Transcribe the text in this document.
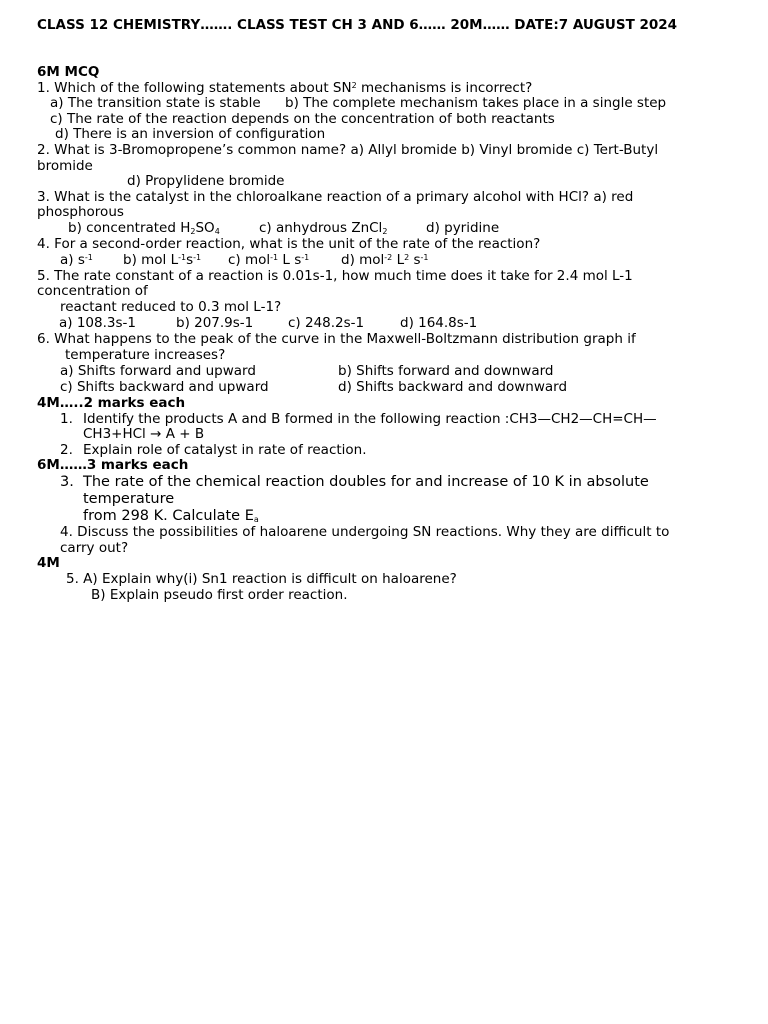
CLASS 12 CHEMISTRY……. CLASS TEST CH 3 AND 6…… 20M…… DATE:7 AUGUST 2024
6M MCQ
1. Which of the following statements about $SN^2$ mechanisms is incorrect?
a) The transition state is stable b) The complete mechanism takes place in a single step
c) The rate of the reaction depends on the concentration of both reactants
d) There is an inversion of configuration
2. What is 3-Bromopropene’s common name? a) Allyl bromide b) Vinyl bromide c) Tert-Butyl
bromide
d) Propylidene bromide
3. What is the catalyst in the chloroalkane reaction of a primary alcohol with HCl? a) red
phosphorous
b) concentrated $H_2SO_4$	c) anhydrous ZnCl$_2$	d) pyridine
4. For a second-order reaction, what is the unit of the rate of the reaction?
a) $s^{-1}$ b) mol $L^{-1}s^{-1}$ c) mol$^{-1}$ L $s^{-1}$ d) mol$^{-2}$ $L^2$ $s^{-1}$
5. The rate constant of a reaction is 0.01s-1, how much time does it take for 2.4 mol L-1
concentration of
reactant reduced to 0.3 mol L-1?
a) 108.3s-1	b) 207.9s-1	c) 248.2s-1	d) 164.8s-1
6. What happens to the peak of the curve in the Maxwell-Boltzmann distribution graph if
temperature increases?
a) Shifts forward and upward	b) Shifts forward and downward
c) Shifts backward and upward	d) Shifts backward and downward
4M…..2 marks each
1. Identify the products A and B formed in the following reaction :CH3—CH2—CH=CH—
CH3+HCl → A + B
2. Explain role of catalyst in rate of reaction.
6M……3 marks each
3. The rate of the chemical reaction doubles for and increase of 10 K in absolute
temperature
from 298 K. Calculate $E_a$
4. Discuss the possibilities of haloarene undergoing SN reactions. Why they are difficult to
carry out?
4M
5. A) Explain why(i) Sn1 reaction is difficult on haloarene?
B) Explain pseudo first order reaction.
